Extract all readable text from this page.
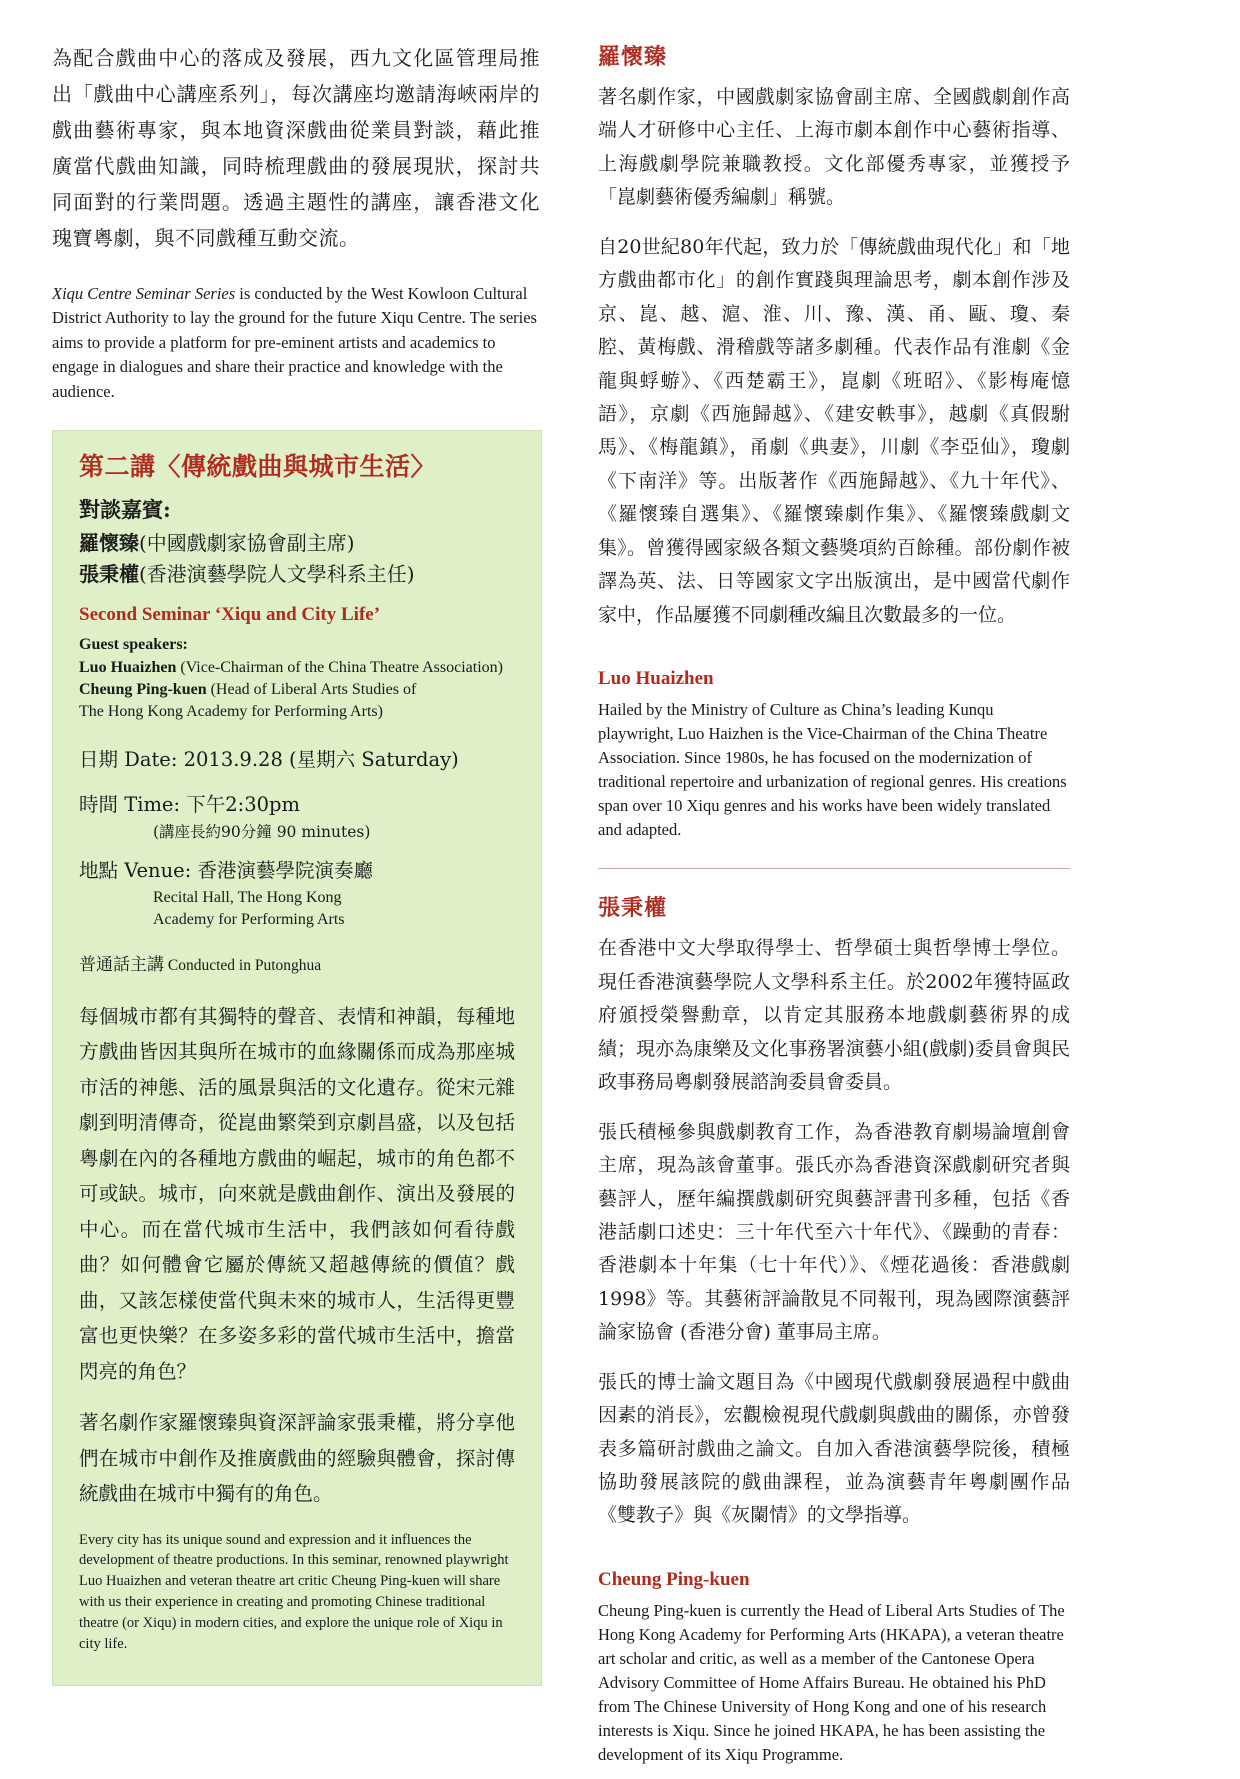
為配合戲曲中心的落成及發展，西九文化區管理局推出「戲曲中心講座系列」，每次講座均邀請海峽兩岸的戲曲藝術專家，與本地資深戲曲從業員對談，藉此推廣當代戲曲知識，同時梳理戲曲的發展現狀，探討共同面對的行業問題。透過主題性的講座，讓香港文化瑰寶粵劇，與不同戲種互動交流。
Xiqu Centre Seminar Series is conducted by the West Kowloon Cultural District Authority to lay the ground for the future Xiqu Centre. The series aims to provide a platform for pre-eminent artists and academics to engage in dialogues and share their practice and knowledge with the audience.
第二講〈傳統戲曲與城市生活〉
對談嘉賓:
羅懷臻(中國戲劇家協會副主席)
張秉權(香港演藝學院人文學科系主任)
Second Seminar ‘Xiqu and City Life’
Guest speakers:
Luo Huaizhen (Vice-Chairman of the China Theatre Association)
Cheung Ping-kuen (Head of Liberal Arts Studies of
The Hong Kong Academy for Performing Arts)
日期 Date: 2013.9.28 (星期六 Saturday)
時間 Time: 下午2:30pm
(講座長約90分鐘 90 minutes)
地點 Venue: 香港演藝學院演奏廳
Recital Hall, The Hong Kong
Academy for Performing Arts
普通話主講 Conducted in Putonghua

每個城市都有其獨特的聲音、表情和神韻，每種地方戲曲皆因其與所在城市的血緣關係而成為那座城市活的神態、活的風景與活的文化遺存。從宋元雜劇到明清傳奇，從崑曲繁榮到京劇昌盛，以及包括粵劇在內的各種地方戲曲的崛起，城市的角色都不可或缺。城市，向來就是戲曲創作、演出及發展的中心。而在當代城市生活中，我們該如何看待戲曲？如何體會它屬於傳統又超越傳統的價值？戲曲，又該怎樣使當代與未來的城市人，生活得更豐富也更快樂？在多姿多彩的當代城市生活中，擔當閃亮的角色？

著名劇作家羅懷臻與資深評論家張秉權，將分享他們在城市中創作及推廣戲曲的經驗與體會，探討傳統戲曲在城市中獨有的角色。

Every city has its unique sound and expression and it influences the development of theatre productions. In this seminar, renowned playwright Luo Huaizhen and veteran theatre art critic Cheung Ping-kuen will share with us their experience in creating and promoting Chinese traditional theatre (or Xiqu) in modern cities, and explore the unique role of Xiqu in city life.
羅懷臻

著名劇作家，中國戲劇家協會副主席、全國戲劇創作高端人才研修中心主任、上海市劇本創作中心藝術指導、上海戲劇學院兼職教授。文化部優秀專家，並獲授予「崑劇藝術優秀編劇」稱號。

自20世紀80年代起，致力於「傳統戲曲現代化」和「地方戲曲都市化」的創作實踐與理論思考，劇本創作涉及京、崑、越、滬、淮、川、豫、漢、甬、甌、瓊、秦腔、黃梅戲、滑稽戲等諸多劇種。代表作品有淮劇《金龍與蜉蝣》、《西楚霸王》，崑劇《班昭》、《影梅庵憶語》，京劇《西施歸越》、《建安軼事》，越劇《真假駙馬》、《梅龍鎮》，甬劇《典妻》，川劇《李亞仙》，瓊劇《下南洋》等。出版著作《西施歸越》、《九十年代》、《羅懷臻自選集》、《羅懷臻劇作集》、《羅懷臻戲劇文集》。曾獲得國家級各類文藝獎項約百餘種。部份劇作被譯為英、法、日等國家文字出版演出，是中國當代劇作家中，作品屢獲不同劇種改編且次數最多的一位。

Luo Huaizhen

Hailed by the Ministry of Culture as China’s leading Kunqu playwright, Luo Haizhen is the Vice-Chairman of the China Theatre Association. Since 1980s, he has focused on the modernization of traditional repertoire and urbanization of regional genres. His creations span over 10 Xiqu genres and his works have been widely translated and adapted.

張秉權

在香港中文大學取得學士、哲學碩士與哲學博士學位。現任香港演藝學院人文學科系主任。於2002年獲特區政府頒授榮譽勳章，以肯定其服務本地戲劇藝術界的成績；現亦為康樂及文化事務署演藝小組(戲劇)委員會與民政事務局粵劇發展諮詢委員會委員。

張氏積極參與戲劇教育工作，為香港教育劇場論壇創會主席，現為該會董事。張氏亦為香港資深戲劇研究者與藝評人，歷年編撰戲劇研究與藝評書刊多種，包括《香港話劇口述史：三十年代至六十年代》、《躁動的青春：香港劇本十年集（七十年代）》、《煙花過後：香港戲劇1998》等。其藝術評論散見不同報刊，現為國際演藝評論家協會 (香港分會) 董事局主席。

張氏的博士論文題目為《中國現代戲劇發展過程中戲曲因素的消長》，宏觀檢視現代戲劇與戲曲的關係，亦曾發表多篇研討戲曲之論文。自加入香港演藝學院後，積極協助發展該院的戲曲課程，並為演藝青年粵劇團作品《雙教子》與《灰闌情》的文學指導。

Cheung Ping-kuen

Cheung Ping-kuen is currently the Head of Liberal Arts Studies of The Hong Kong Academy for Performing Arts (HKAPA), a veteran theatre art scholar and critic, as well as a member of the Cantonese Opera Advisory Committee of Home Affairs Bureau. He obtained his PhD from The Chinese University of Hong Kong and one of his research interests is Xiqu. Since he joined HKAPA, he has been assisting the development of its Xiqu Programme.
